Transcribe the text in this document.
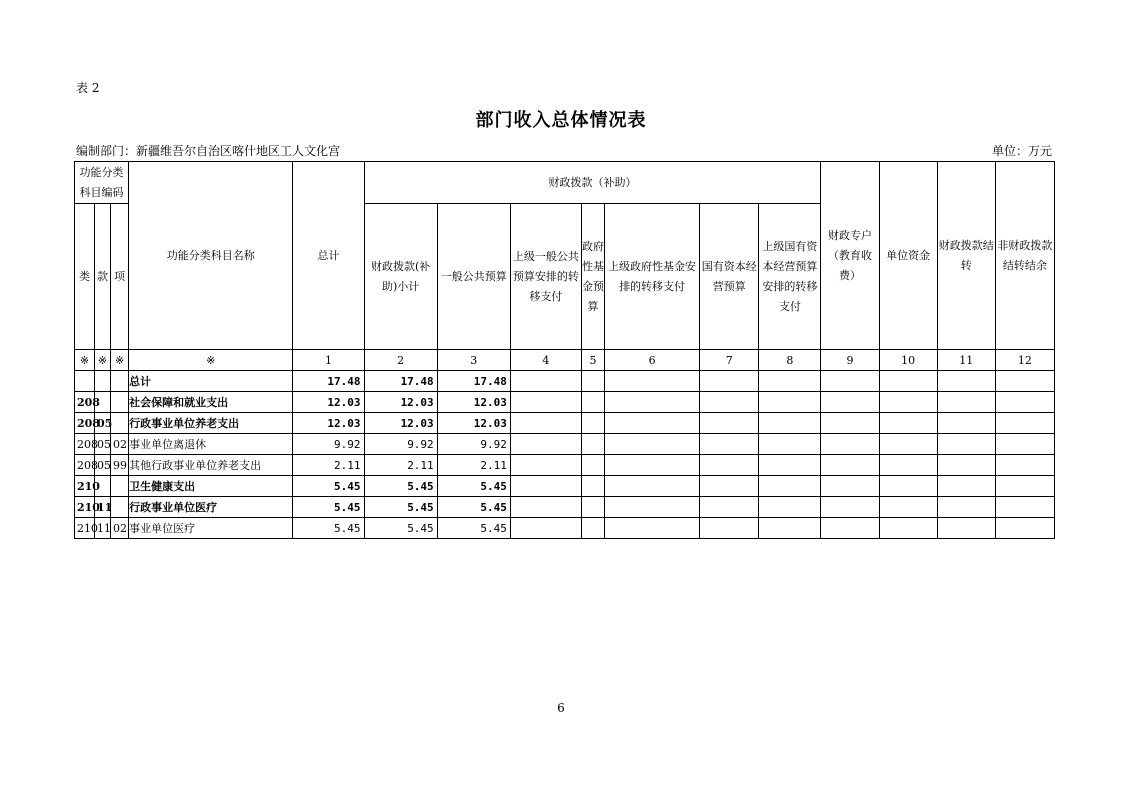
表 2
部门收入总体情况表
编制部门：新疆维吾尔自治区喀什地区工人文化宫	单位：万元
功能分类科目编码			功能分类科目名称	总计	财政拨款（补助）							财政专户（教育收费）	单位资金	财政拨款结转	非财政拨款结转结余
类	款	项			财政拨款(补助)小计	一般公共预算	上级一般公共预算安排的转移支付	政府性基金预算	上级政府性基金安排的转移支付	国有资本经营预算	上级国有资本经营预算安排的转移支付				
※	※	※	※	1	2	3	4	5	6	7	8	9	10	11	12
			总计	17.48	17.48	17.48									
208			社会保障和就业支出	12.03	12.03	12.03									
208	05		行政事业单位养老支出	12.03	12.03	12.03									
208	05	02	事业单位离退休	9.92	9.92	9.92									
208	05	99	其他行政事业单位养老支出	2.11	2.11	2.11									
210			卫生健康支出	5.45	5.45	5.45									
210	11		行政事业单位医疗	5.45	5.45	5.45									
210	11	02	事业单位医疗	5.45	5.45	5.45									
6
